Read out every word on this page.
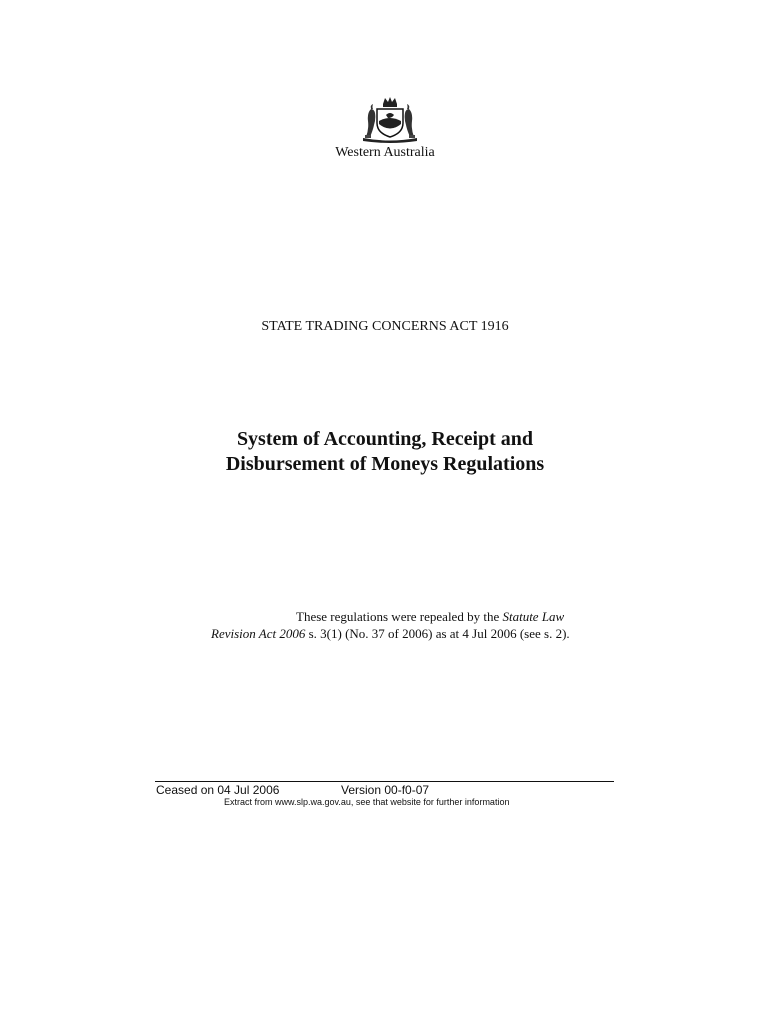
Western Australia
STATE TRADING CONCERNS ACT 1916
System of Accounting, Receipt and
Disbursement of Moneys Regulations
These regulations were repealed by the Statute Law
Revision Act 2006 s. 3(1) (No. 37 of 2006) as at 4 Jul 2006 (see s. 2).
Ceased on 04 Jul 2006	Version 00-f0-07
Extract from www.slp.wa.gov.au, see that website for further information
